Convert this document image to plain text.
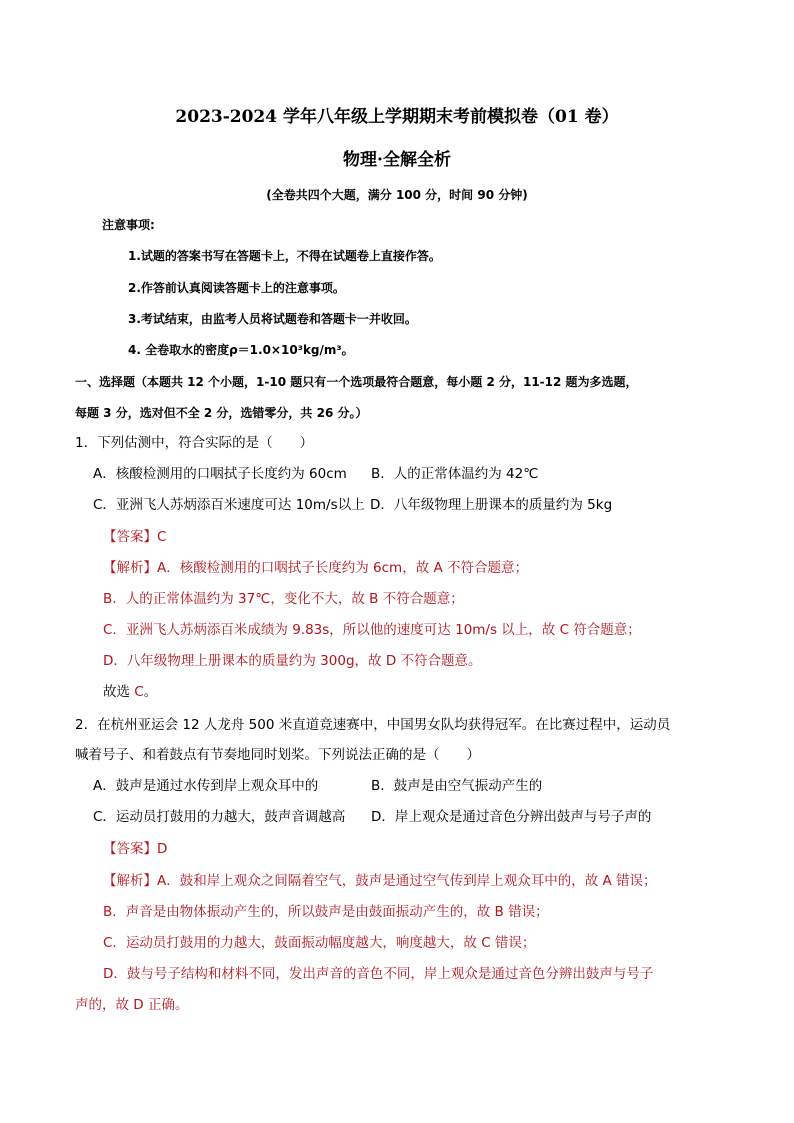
2023-2024 学年八年级上学期期末考前模拟卷（01 卷）
物理·全解全析
(全卷共四个大题，满分 100 分，时间 90 分钟)
注意事项:
1.试题的答案书写在答题卡上，不得在试题卷上直接作答。
2.作答前认真阅读答题卡上的注意事项。
3.考试结束，由监考人员将试题卷和答题卡一并收回。
4. 全卷取水的密度ρ＝1.0×10³kg/m³。
一、选择题（本题共 12 个小题，1-10 题只有一个选项最符合题意，每小题 2 分，11-12 题为多选题，
每题 3 分，选对但不全 2 分，选错零分，共 26 分。）
1．下列估测中，符合实际的是（　　）
A．核酸检测用的口咽拭子长度约为 60cm B．人的正常体温约为 42℃
C．亚洲飞人苏炳添百米速度可达 10m/s以上 D．八年级物理上册课本的质量约为 5kg
【答案】C
【解析】A．核酸检测用的口咽拭子长度约为 6cm，故 A 不符合题意；
B．人的正常体温约为 37℃，变化不大，故 B 不符合题意；
C．亚洲飞人苏炳添百米成绩为 9.83s，所以他的速度可达 10m/s 以上，故 C 符合题意；
D．八年级物理上册课本的质量约为 300g，故 D 不符合题意。
故选 C。
2．在杭州亚运会 12 人龙舟 500 米直道竞速赛中，中国男女队均获得冠军。在比赛过程中，运动员
喊着号子、和着鼓点有节奏地同时划桨。下列说法正确的是（　　）
A．鼓声是通过水传到岸上观众耳中的	B．鼓声是由空气振动产生的
C．运动员打鼓用的力越大，鼓声音调越高 D．岸上观众是通过音色分辨出鼓声与号子声的
【答案】D
【解析】A．鼓和岸上观众之间隔着空气，鼓声是通过空气传到岸上观众耳中的，故 A 错误；
B．声音是由物体振动产生的，所以鼓声是由鼓面振动产生的，故 B 错误；
C．运动员打鼓用的力越大，鼓面振动幅度越大，响度越大，故 C 错误；
D．鼓与号子结构和材料不同，发出声音的音色不同，岸上观众是通过音色分辨出鼓声与号子
声的，故 D 正确。
